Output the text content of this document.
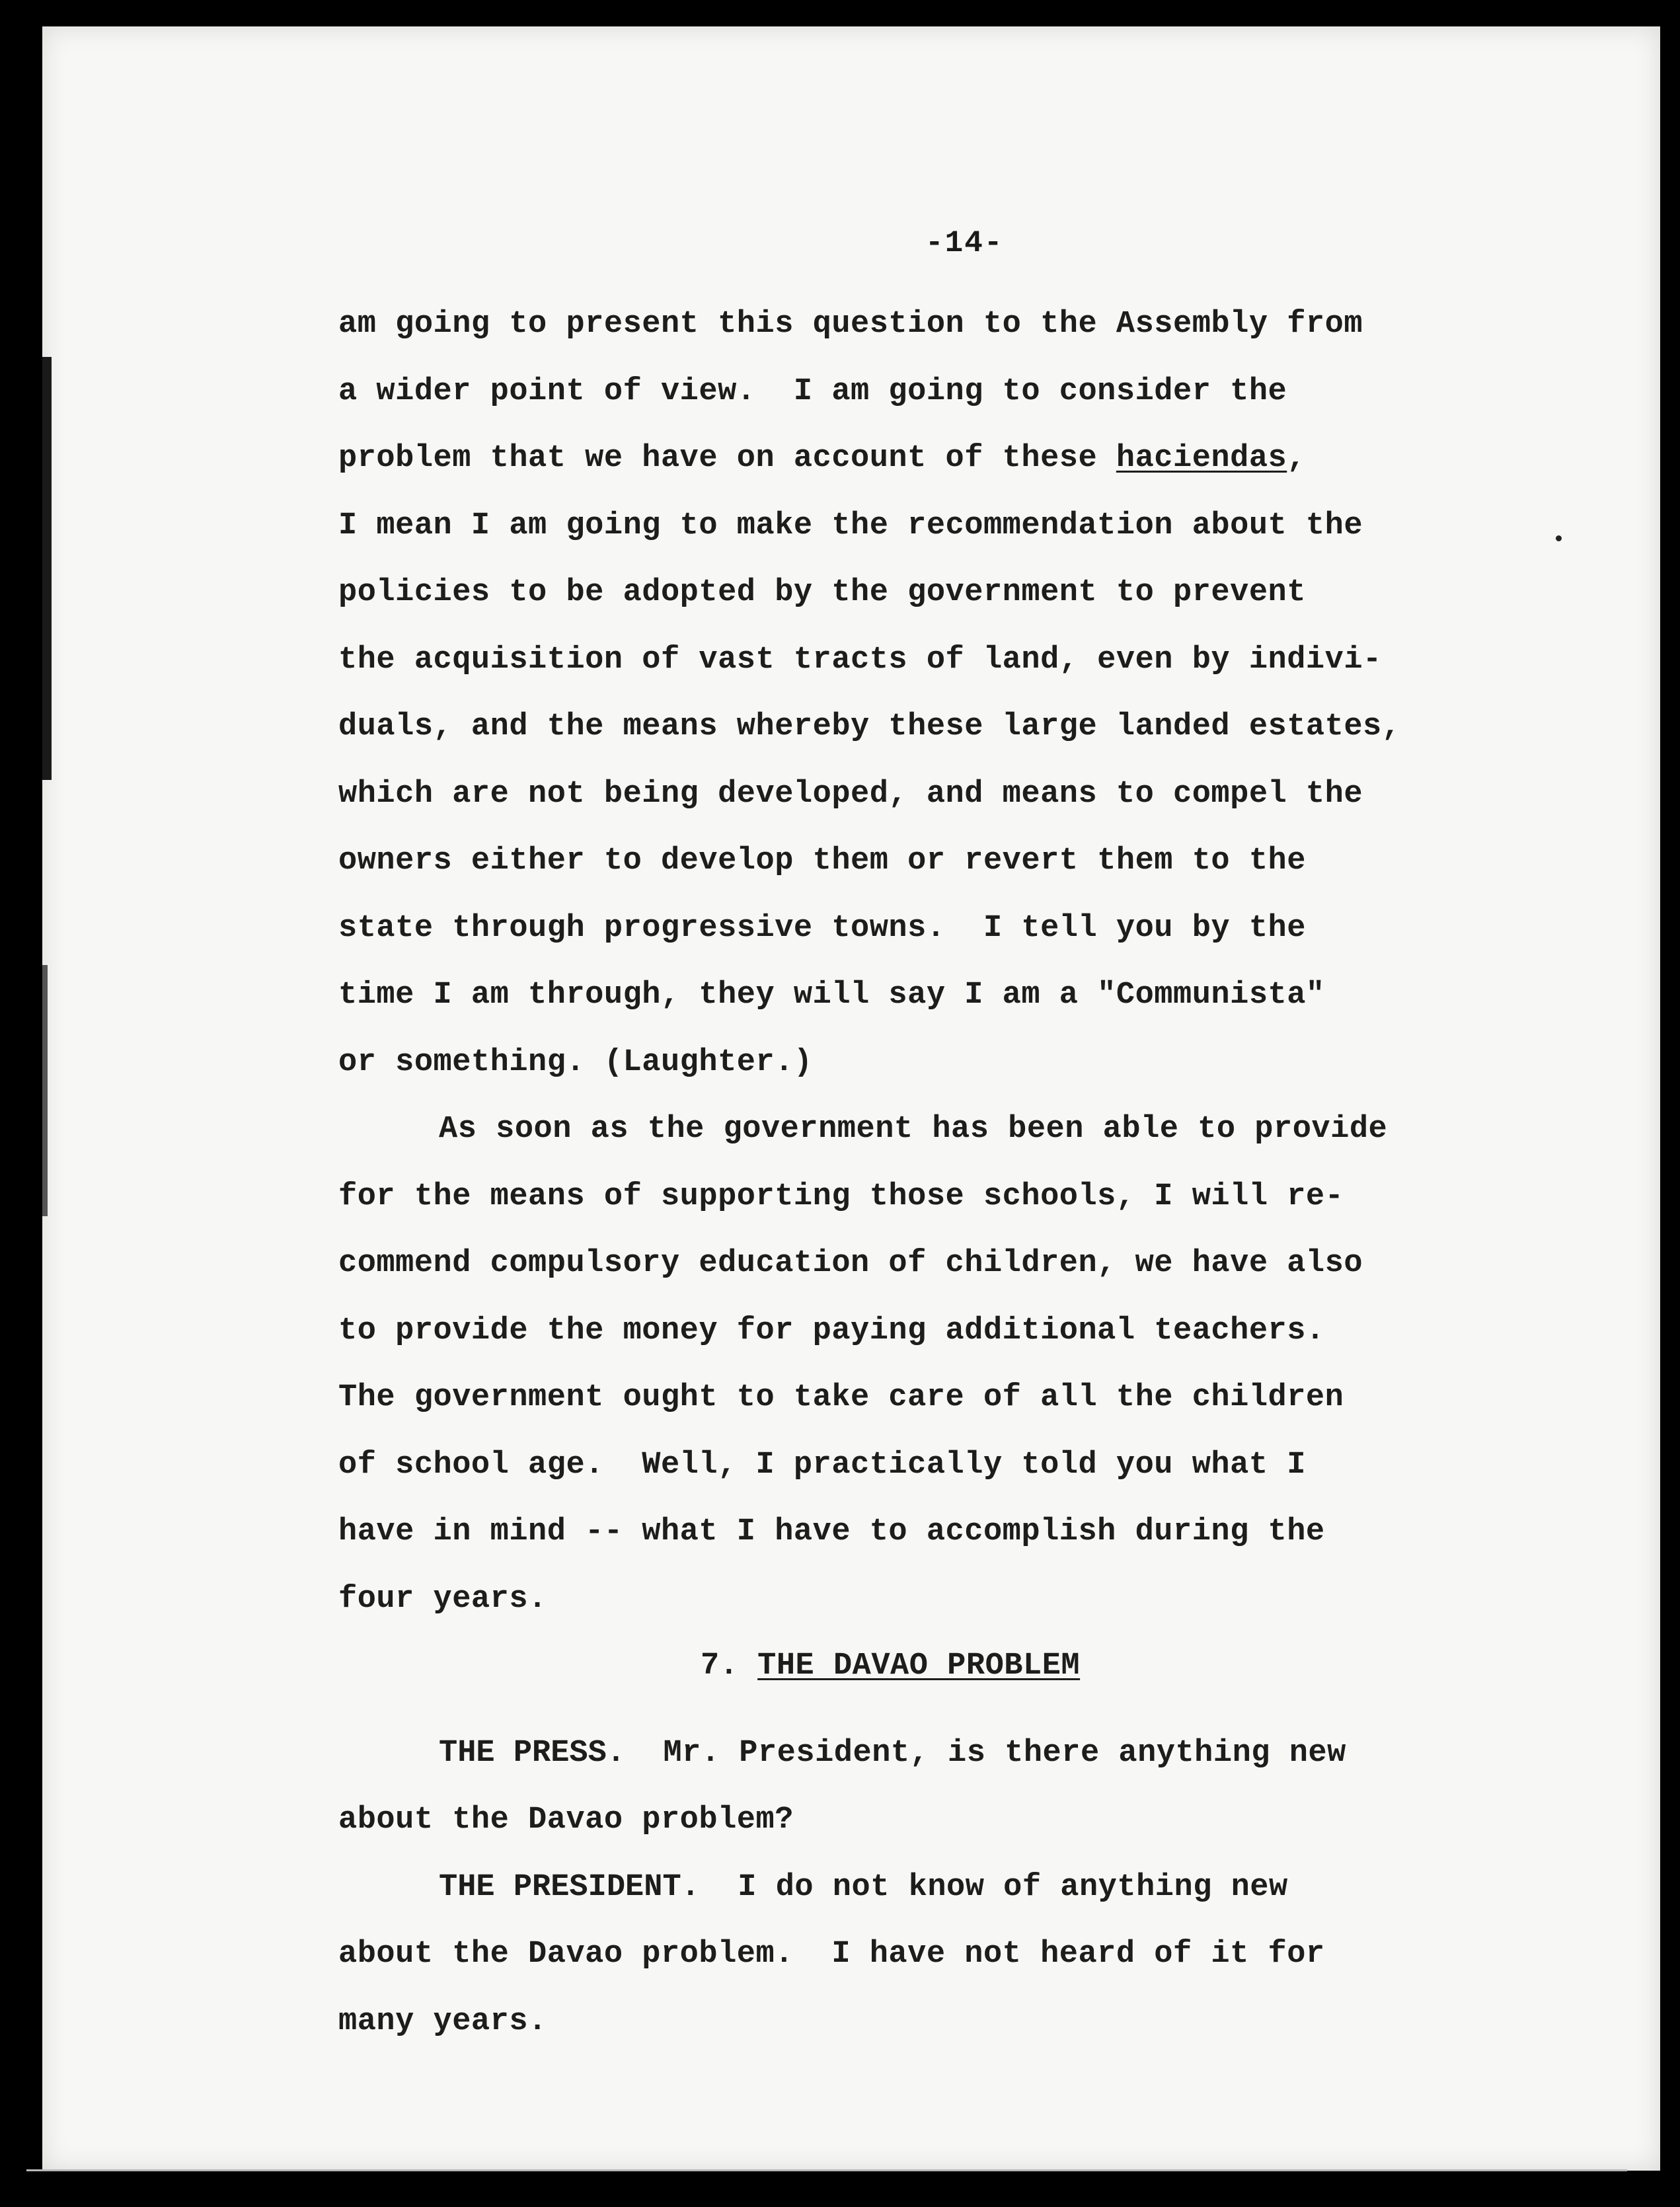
-14-
am going to present this question to the Assembly from
a wider point of view.  I am going to consider the
problem that we have on account of these haciendas,
I mean I am going to make the recommendation about the
policies to be adopted by the government to prevent
the acquisition of vast tracts of land, even by indivi-
duals, and the means whereby these large landed estates,
which are not being developed, and means to compel the
owners either to develop them or revert them to the
state through progressive towns.  I tell you by the
time I am through, they will say I am a "Communista"
or something. (Laughter.)
As soon as the government has been able to provide
for the means of supporting those schools, I will re-
commend compulsory education of children, we have also
to provide the money for paying additional teachers.
The government ought to take care of all the children
of school age.  Well, I practically told you what I
have in mind -- what I have to accomplish during the
four years.
7. THE DAVAO PROBLEM
THE PRESS.  Mr. President, is there anything new
about the Davao problem?
THE PRESIDENT.  I do not know of anything new
about the Davao problem.  I have not heard of it for
many years.
